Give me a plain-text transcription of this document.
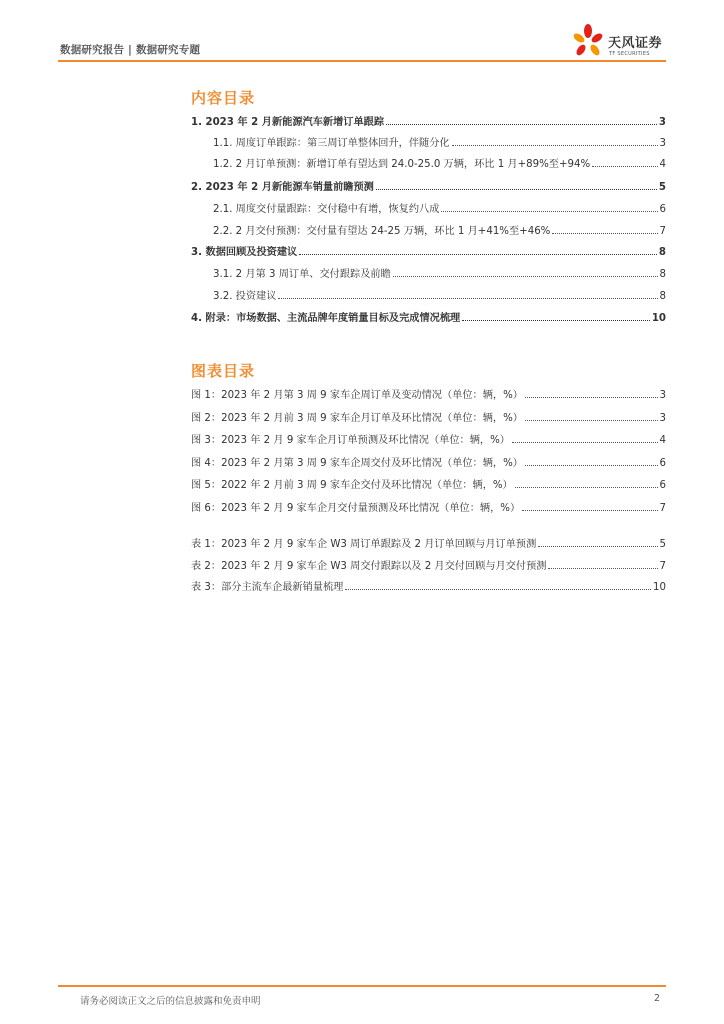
数据研究报告 | 数据研究专题	天风证券
TF SECURITIES
内容目录
1. 2023 年 2 月新能源汽车新增订单跟踪	3
1.1. 周度订单跟踪：第三周订单整体回升，伴随分化	3
1.2. 2 月订单预测：新增订单有望达到 24.0-25.0 万辆，环比 1 月+89%至+94%	4
2. 2023 年 2 月新能源车销量前瞻预测	5
2.1. 周度交付量跟踪：交付稳中有增，恢复约八成	6
2.2. 2 月交付预测：交付量有望达 24-25 万辆，环比 1 月+41%至+46%	7
3. 数据回顾及投资建议	8
3.1. 2 月第 3 周订单、交付跟踪及前瞻	8
3.2. 投资建议	8
4. 附录：市场数据、主流品牌年度销量目标及完成情况梳理	10
图表目录
图 1：2023 年 2 月第 3 周 9 家车企周订单及变动情况（单位：辆，%）	3
图 2：2023 年 2 月前 3 周 9 家车企月订单及环比情况（单位：辆，%）	3
图 3：2023 年 2 月 9 家车企月订单预测及环比情况（单位：辆，%）	4
图 4：2023 年 2 月第 3 周 9 家车企周交付及环比情况（单位：辆，%）	6
图 5：2022 年 2 月前 3 周 9 家车企交付及环比情况（单位：辆，%）	6
图 6：2023 年 2 月 9 家车企月交付量预测及环比情况（单位：辆，%）	7
表 1：2023 年 2 月 9 家车企 W3 周订单跟踪及 2 月订单回顾与月订单预测	5
表 2：2023 年 2 月 9 家车企 W3 周交付跟踪以及 2 月交付回顾与月交付预测	7
表 3：部分主流车企最新销量梳理	10
请务必阅读正文之后的信息披露和免责申明	2
